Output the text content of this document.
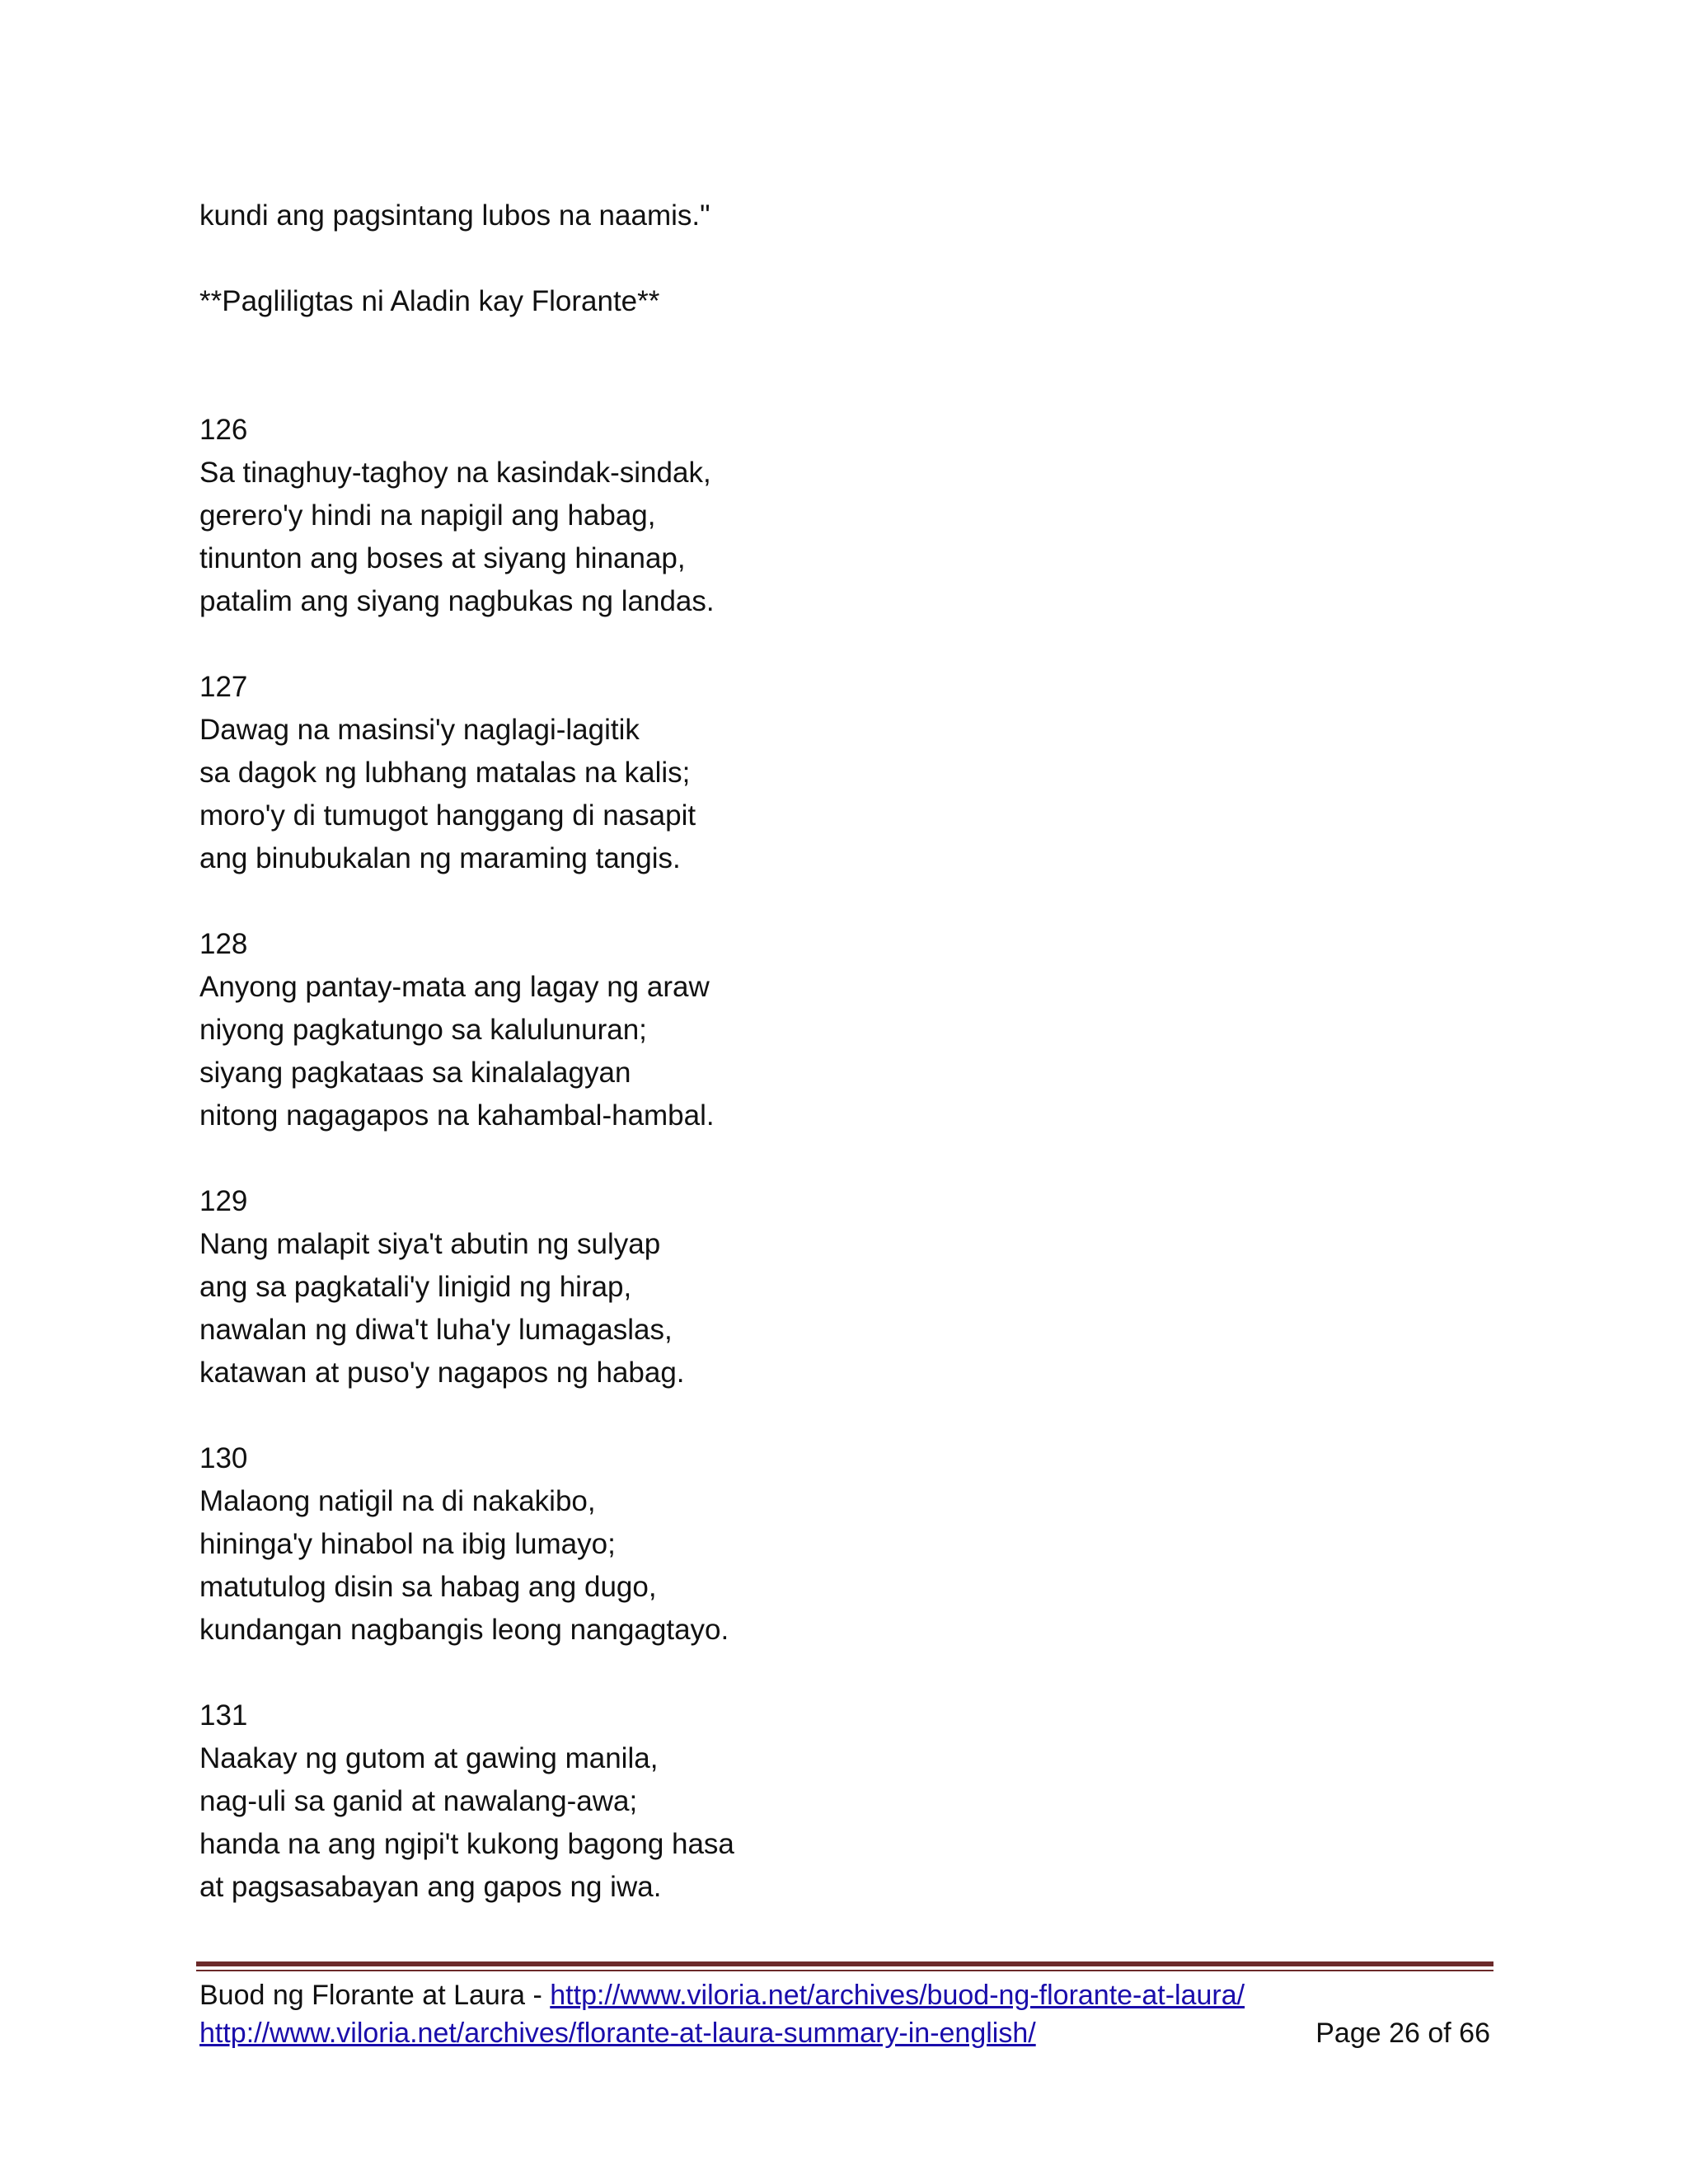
kundi ang pagsintang lubos na naamis."
**Pagliligtas ni Aladin kay Florante**
126
Sa tinaghuy-taghoy na kasindak-sindak,
gerero'y hindi na napigil ang habag,
tinunton ang boses at siyang hinanap,
patalim ang siyang nagbukas ng landas.
127
Dawag na masinsi'y naglagi-lagitik
sa dagok ng lubhang matalas na kalis;
moro'y di tumugot hanggang di nasapit
ang binubukalan ng maraming tangis.
128
Anyong pantay-mata ang lagay ng araw
niyong pagkatungo sa kalulunuran;
siyang pagkataas sa kinalalagyan
nitong nagagapos na kahambal-hambal.
129
Nang malapit siya't abutin ng sulyap
ang sa pagkatali'y linigid ng hirap,
nawalan ng diwa't luha'y lumagaslas,
katawan at puso'y nagapos ng habag.
130
Malaong natigil na di nakakibo,
hininga'y hinabol na ibig lumayo;
matutulog disin sa habag ang dugo,
kundangan nagbangis leong nangagtayo.
131
Naakay ng gutom at gawing manila,
nag-uli sa ganid at nawalang-awa;
handa na ang ngipi't kukong bagong hasa
at pagsasabayan ang gapos ng iwa.
Buod ng Florante at Laura - http://www.viloria.net/archives/buod-ng-florante-at-laura/
http://www.viloria.net/archives/florante-at-laura-summary-in-english/	Page 26 of 66
